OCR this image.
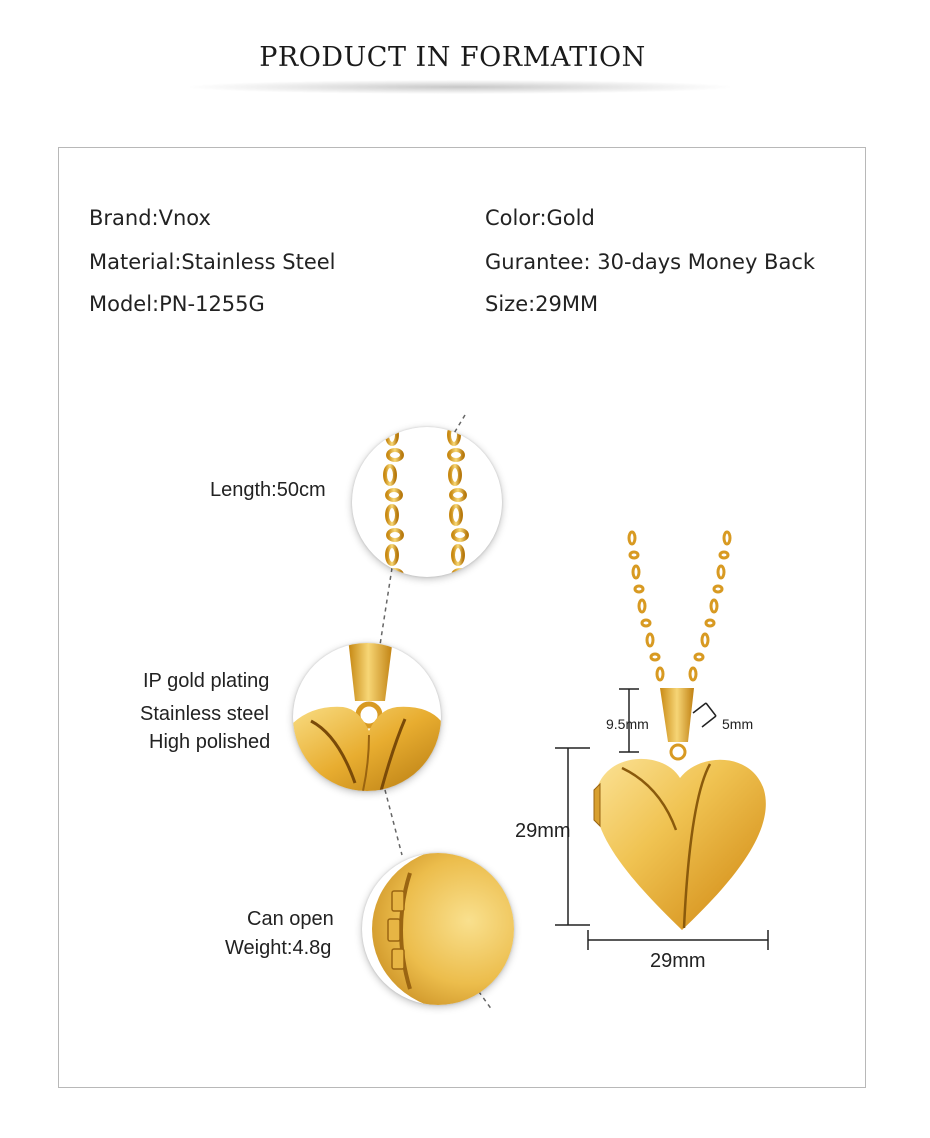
PRODUCT IN FORMATION
Brand:Vnox
Material:Stainless Steel
Model:PN-1255G
Color:Gold
Gurantee: 30-days Money Back
Size:29MM
Length:50cm
IP gold plating
Stainless steel
High polished
Can open
Weight:4.8g
9.5mm	5mm
29mm
29mm
